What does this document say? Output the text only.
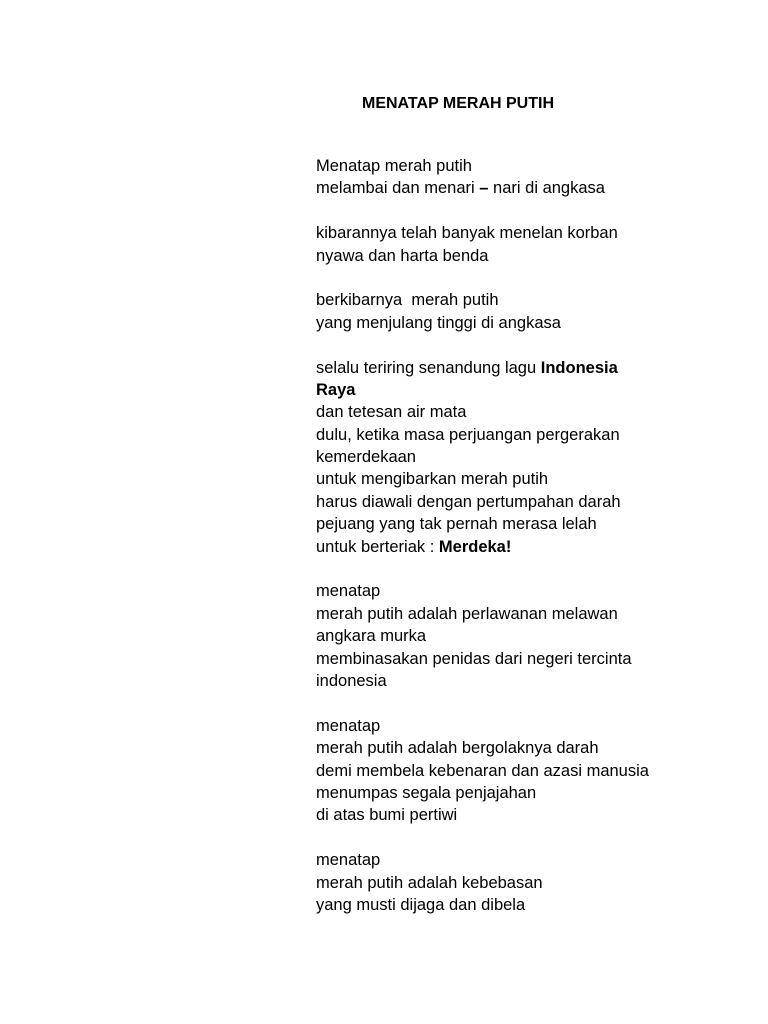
MENATAP MERAH PUTIH
Menatap merah putih
melambai dan menari – nari di angkasa
kibarannya telah banyak menelan korban
nyawa dan harta benda
berkibarnya  merah putih
yang menjulang tinggi di angkasa
selalu teriring senandung lagu Indonesia
Raya
dan tetesan air mata
dulu, ketika masa perjuangan pergerakan
kemerdekaan
untuk mengibarkan merah putih
harus diawali dengan pertumpahan darah
pejuang yang tak pernah merasa lelah
untuk berteriak : Merdeka!
menatap
merah putih adalah perlawanan melawan
angkara murka
membinasakan penidas dari negeri tercinta
indonesia
menatap
merah putih adalah bergolaknya darah
demi membela kebenaran dan azasi manusia
menumpas segala penjajahan
di atas bumi pertiwi
menatap
merah putih adalah kebebasan
yang musti dijaga dan dibela
